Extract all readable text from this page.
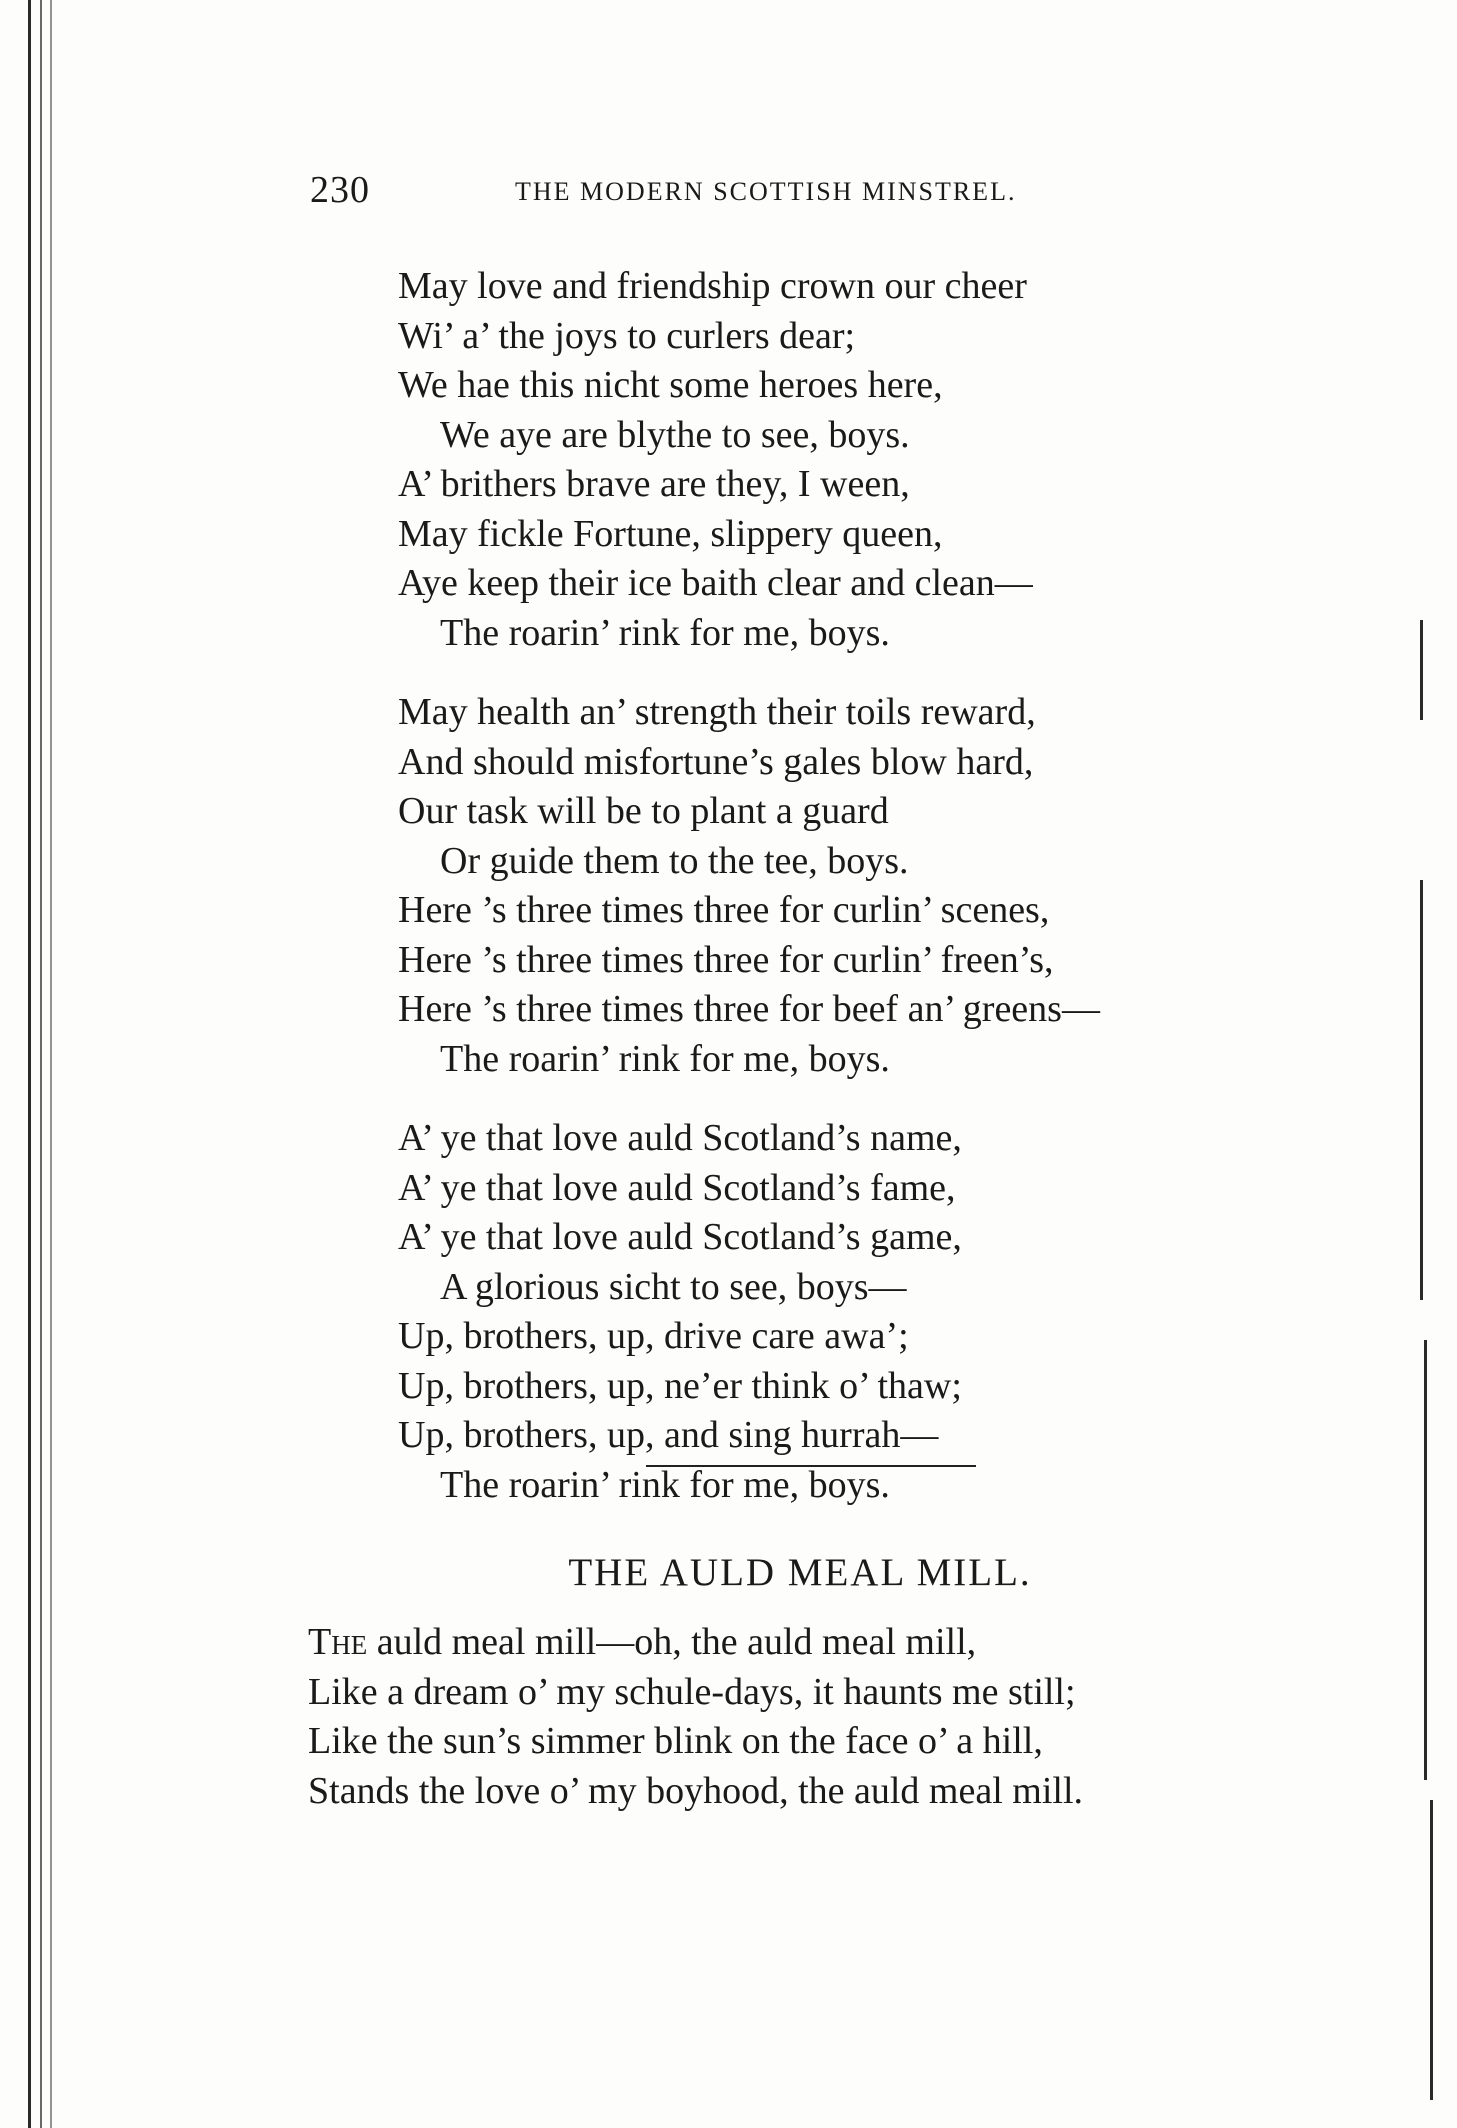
230	THE MODERN SCOTTISH MINSTREL.
May love and friendship crown our cheer
Wi’ a’ the joys to curlers dear;
We hae this nicht some heroes here,
We aye are blythe to see, boys.
A’ brithers brave are they, I ween,
May fickle Fortune, slippery queen,
Aye keep their ice baith clear and clean—
The roarin’ rink for me, boys.
May health an’ strength their toils reward,
And should misfortune’s gales blow hard,
Our task will be to plant a guard
Or guide them to the tee, boys.
Here ’s three times three for curlin’ scenes,
Here ’s three times three for curlin’ freen’s,
Here ’s three times three for beef an’ greens—
The roarin’ rink for me, boys.
A’ ye that love auld Scotland’s name,
A’ ye that love auld Scotland’s fame,
A’ ye that love auld Scotland’s game,
A glorious sicht to see, boys—
Up, brothers, up, drive care awa’;
Up, brothers, up, ne’er think o’ thaw;
Up, brothers, up, and sing hurrah—
The roarin’ rink for me, boys.
THE AULD MEAL MILL.
The auld meal mill—oh, the auld meal mill,
Like a dream o’ my schule-days, it haunts me still;
Like the sun’s simmer blink on the face o’ a hill,
Stands the love o’ my boyhood, the auld meal mill.
